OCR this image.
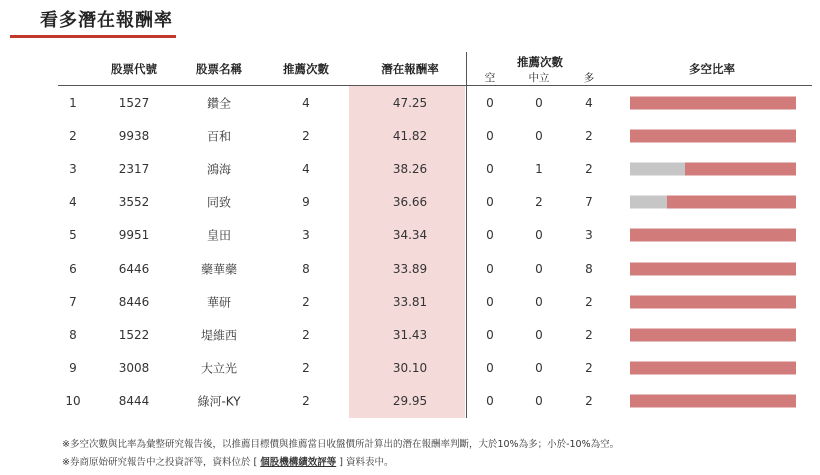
看多潛在報酬率
股票代號	股票名稱	推薦次數	潛在報酬率	推薦次數
空	中立	多
多空比率
1	1527	鑽全	4	47.25	0	0	4
2	9938	百和	2	41.82	0	0	2
3	2317	鴻海	4	38.26	0	1	2
4	3552	同致	9	36.66	0	2	7
5	9951	皇田	3	34.34	0	0	3
6	6446	藥華藥	8	33.89	0	0	8
7	8446	華研	2	33.81	0	0	2
8	1522	堤維西	2	31.43	0	0	2
9	3008	大立光	2	30.10	0	0	2
10	8444	綠河-KY	2	29.95	0	0	2
※多空次數與比率為彙整研究報告後，以推薦目標價與推薦當日收盤價所計算出的潛在報酬率判斷，大於10%為多；小於-10%為空。
※券商原始研究報告中之投資評等，資料位於 [ 個股機構績效評等 ] 資料表中。
